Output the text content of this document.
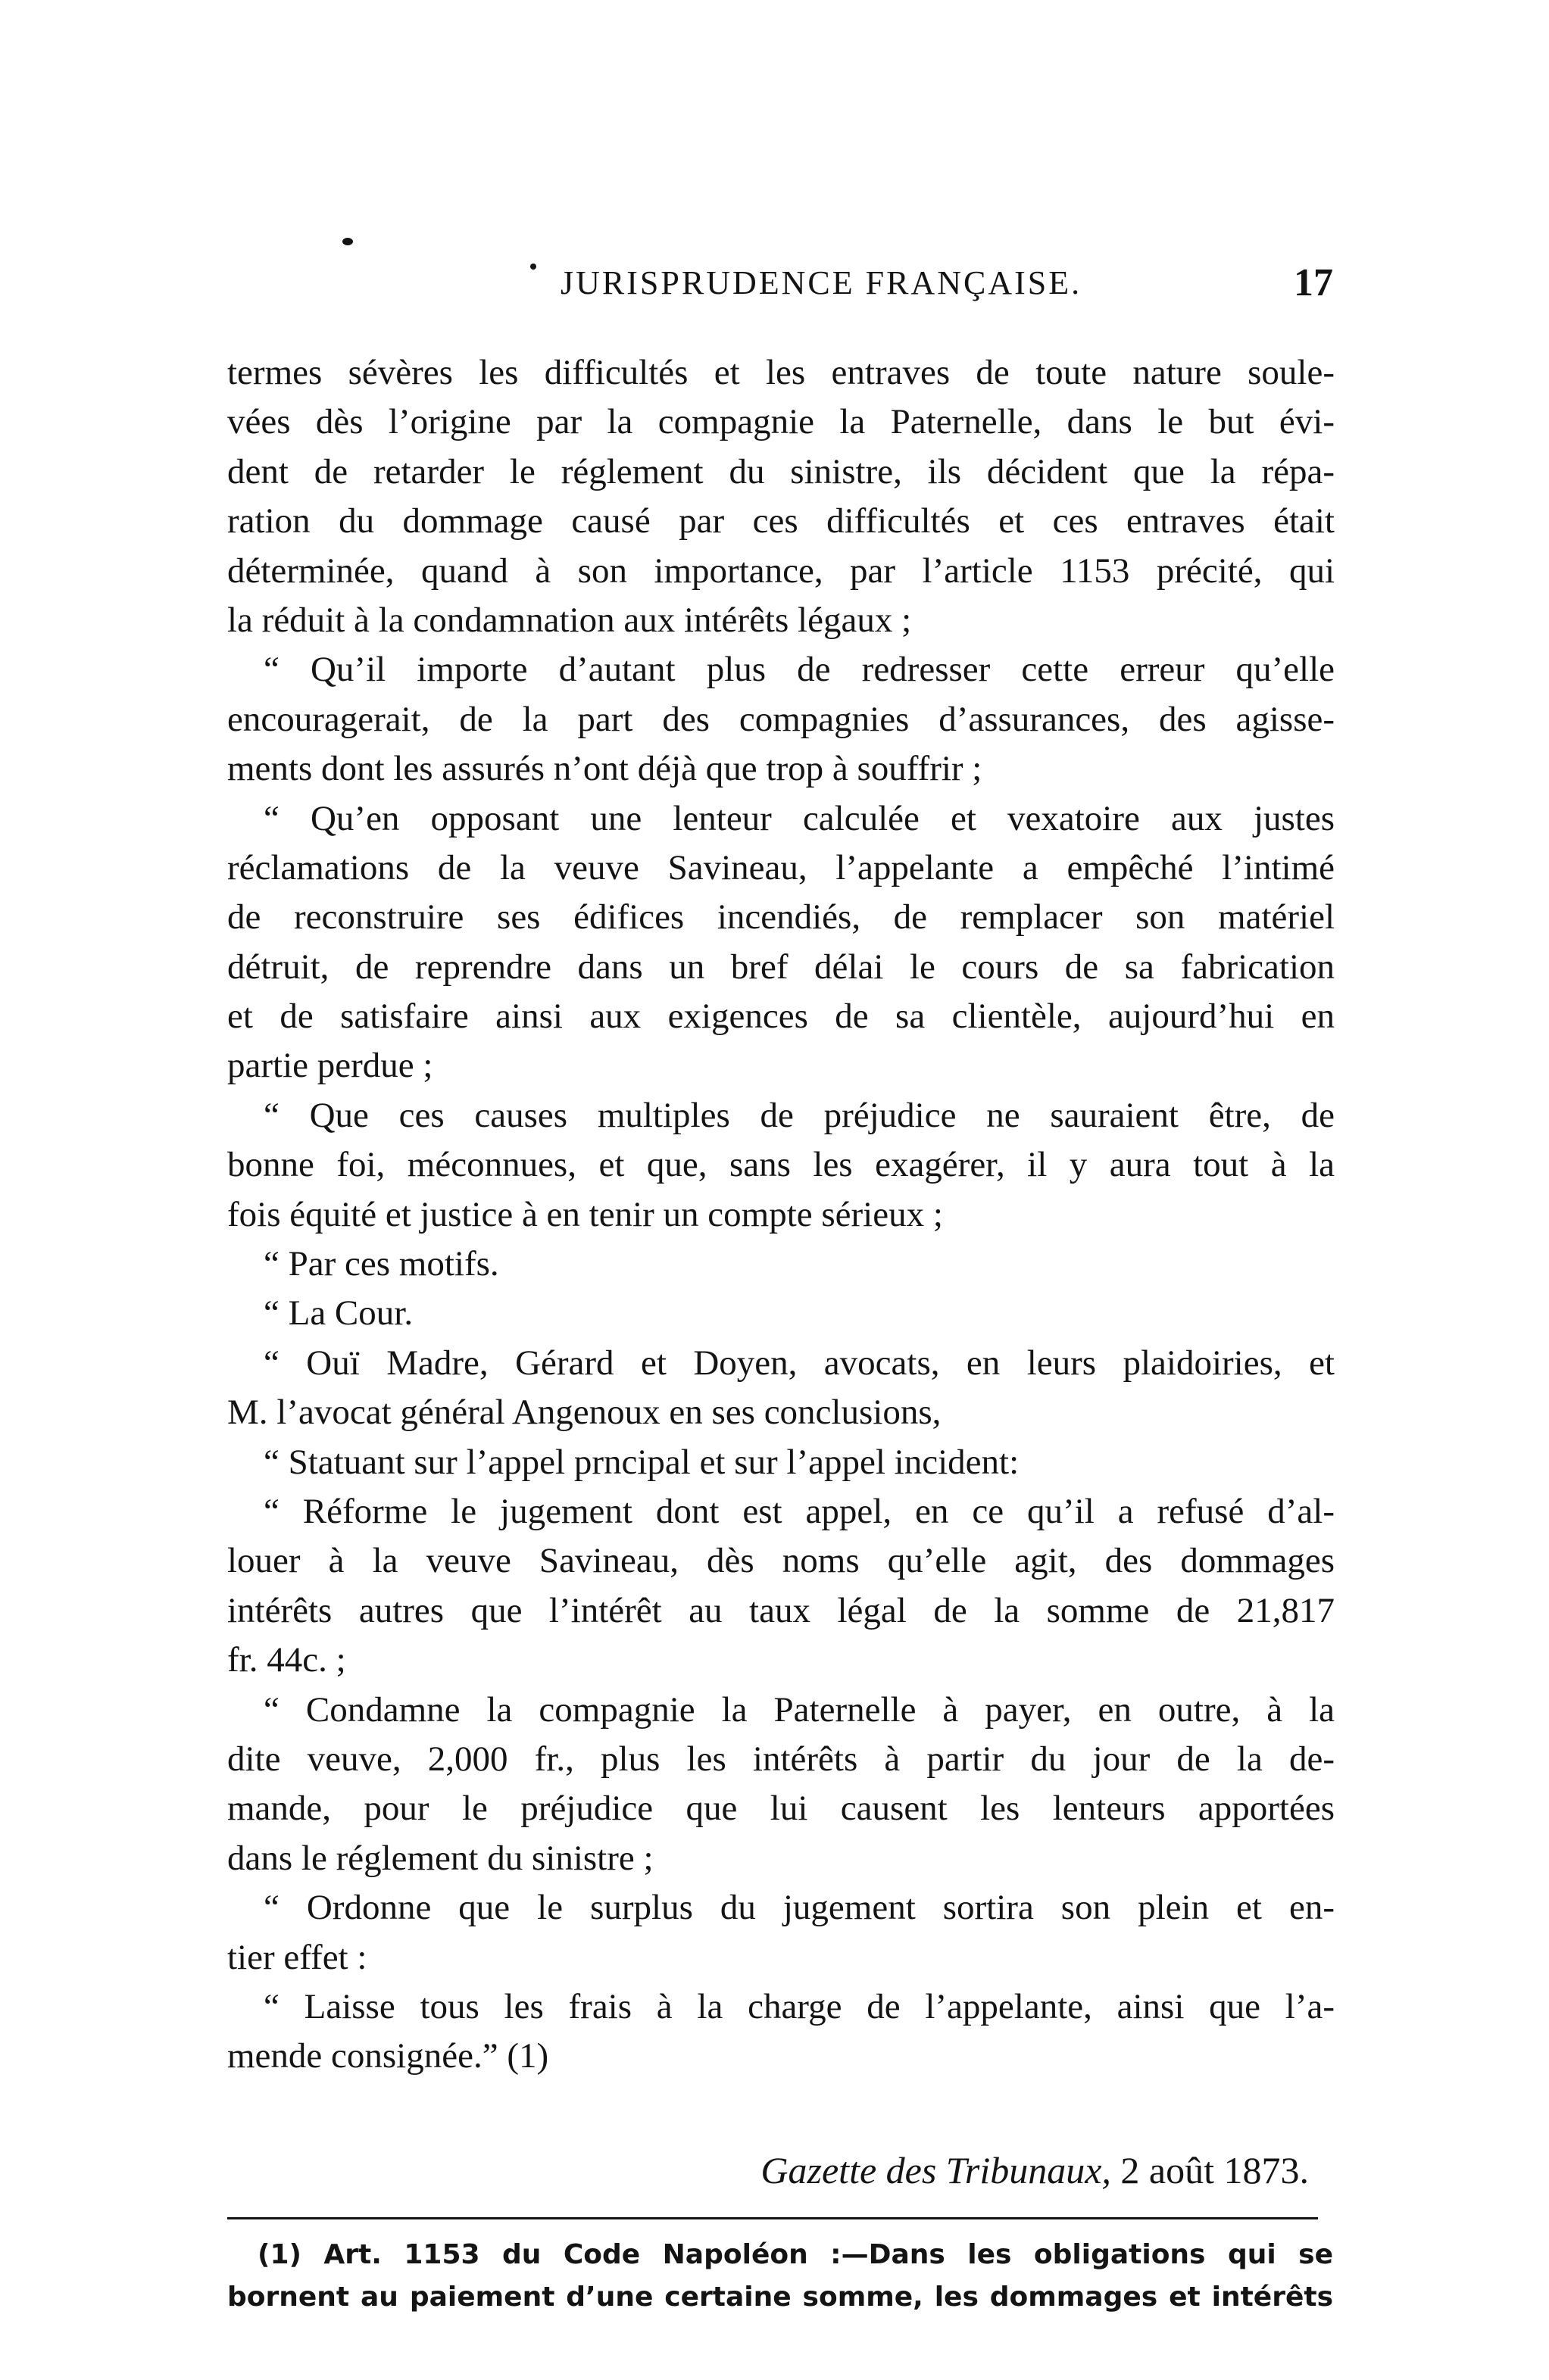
JURISPRUDENCE FRANÇAISE.	17
termes sévères les difficultés et les entraves de toute nature soule-
vées dès l’origine par la compagnie la Paternelle, dans le but évi-
dent de retarder le réglement du sinistre, ils décident que la répa-
ration du dommage causé par ces difficultés et ces entraves était
déterminée, quand à son importance, par l’article 1153 précité, qui
la réduit à la condamnation aux intérêts légaux ;
“ Qu’il importe d’autant plus de redresser cette erreur qu’elle
encouragerait, de la part des compagnies d’assurances, des agisse-
ments dont les assurés n’ont déjà que trop à souffrir ;
“ Qu’en opposant une lenteur calculée et vexatoire aux justes
réclamations de la veuve Savineau, l’appelante a empêché l’intimé
de reconstruire ses édifices incendiés, de remplacer son matériel
détruit, de reprendre dans un bref délai le cours de sa fabrication
et de satisfaire ainsi aux exigences de sa clientèle, aujourd’hui en
partie perdue ;
“ Que ces causes multiples de préjudice ne sauraient être, de
bonne foi, méconnues, et que, sans les exagérer, il y aura tout à la
fois équité et justice à en tenir un compte sérieux ;
“ Par ces motifs.
“ La Cour.
“ Ouï Madre, Gérard et Doyen, avocats, en leurs plaidoiries, et
M. l’avocat général Angenoux en ses conclusions,
“ Statuant sur l’appel prncipal et sur l’appel incident:
“ Réforme le jugement dont est appel, en ce qu’il a refusé d’al-
louer à la veuve Savineau, dès noms qu’elle agit, des dommages
intérêts autres que l’intérêt au taux légal de la somme de 21,817
fr. 44c. ;
“ Condamne la compagnie la Paternelle à payer, en outre, à la
dite veuve, 2,000 fr., plus les intérêts à partir du jour de la de-
mande, pour le préjudice que lui causent les lenteurs apportées
dans le réglement du sinistre ;
“ Ordonne que le surplus du jugement sortira son plein et en-
tier effet :
“ Laisse tous les frais à la charge de l’appelante, ainsi que l’a-
mende consignée.” (1)
Gazette des Tribunaux, 2 août 1873.
(1) Art. 1153 du Code Napoléon :—Dans les obligations qui se
bornent au paiement d’une certaine somme, les dommages et intérêts
